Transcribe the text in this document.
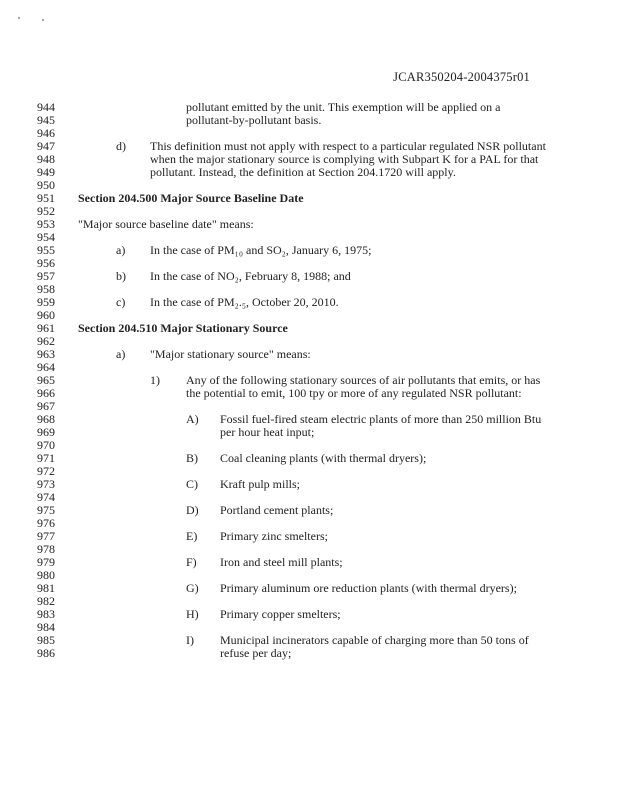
JCAR350204-2004375r01
944
945
946
947
948
949
950
951
952
953
954
955
956
957
958
959
960
961
962
963
964
965
966
967
968
969
970
971
972
973
974
975
976
977
978
979
980
981
982
983
984
985
986
pollutant emitted by the unit. This exemption will be applied on a
pollutant-by-pollutant basis.
d) This definition must not apply with respect to a particular regulated NSR pollutant
when the major stationary source is complying with Subpart K for a PAL for that
pollutant. Instead, the definition at Section 204.1720 will apply.
Section 204.500 Major Source Baseline Date
"Major source baseline date" means:
a) In the case of PM₁₀ and SO₂, January 6, 1975;
b) In the case of NO₂, February 8, 1988; and
c) In the case of PM₂.₅, October 20, 2010.
Section 204.510 Major Stationary Source
a) "Major stationary source" means:
1) Any of the following stationary sources of air pollutants that emits, or has
the potential to emit, 100 tpy or more of any regulated NSR pollutant:
A) Fossil fuel-fired steam electric plants of more than 250 million Btu
per hour heat input;
B) Coal cleaning plants (with thermal dryers);
C) Kraft pulp mills;
D) Portland cement plants;
E) Primary zinc smelters;
F) Iron and steel mill plants;
G) Primary aluminum ore reduction plants (with thermal dryers);
H) Primary copper smelters;
I) Municipal incinerators capable of charging more than 50 tons of
refuse per day;
